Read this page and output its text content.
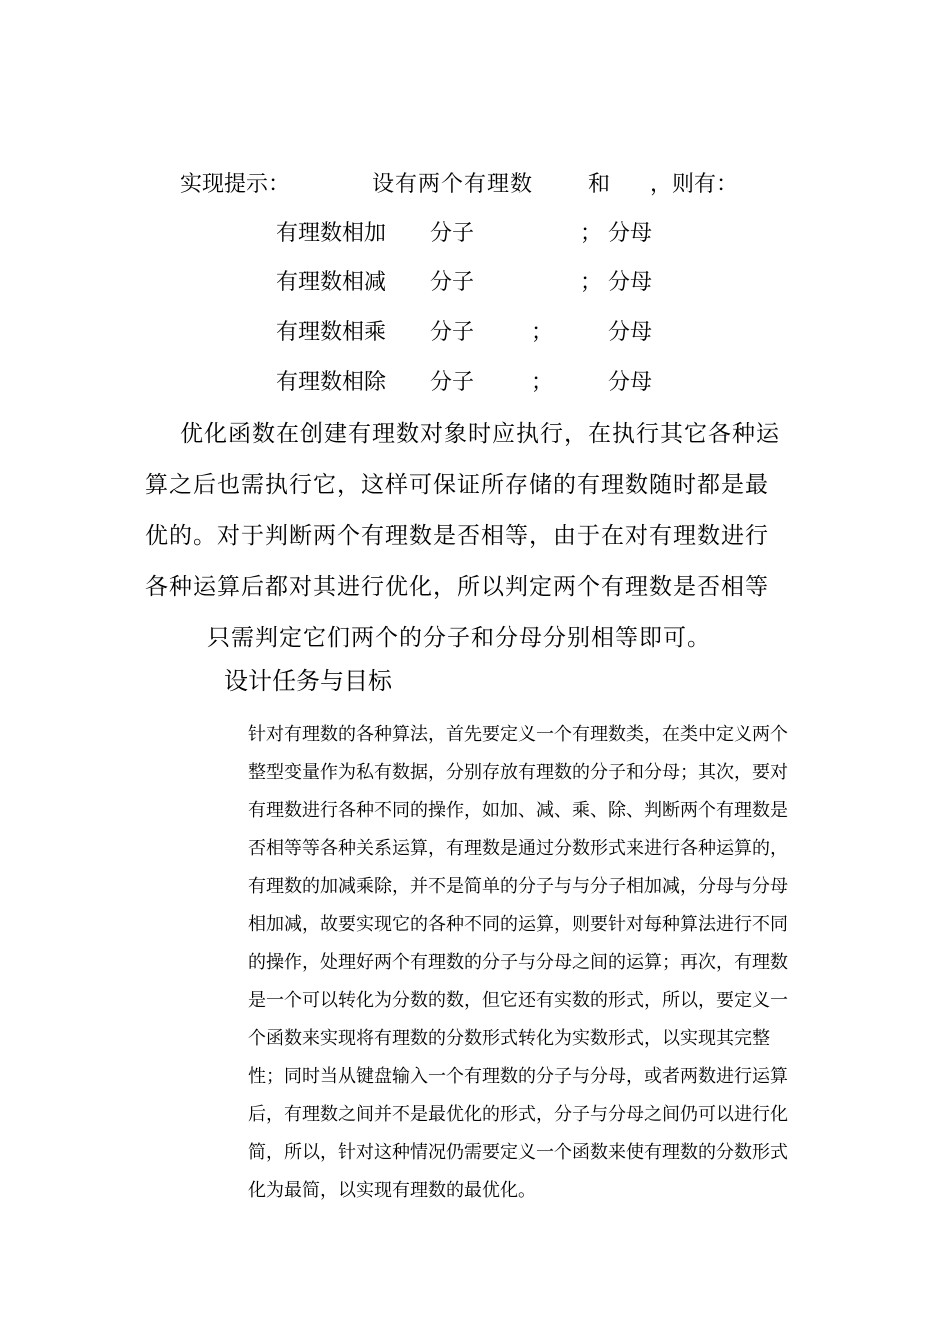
实现提示：	设有两个有理数 和 ，则有：
有理数相加 分子	； 分母
有理数相减 分子	； 分母
有理数相乘 分子	； 分母
有理数相除 分子	； 分母
优化函数在创建有理数对象时应执行，在执行其它各种运
算之后也需执行它，这样可保证所存储的有理数随时都是最
优的。对于判断两个有理数是否相等，由于在对有理数进行
各种运算后都对其进行优化，所以判定两个有理数是否相等
只需判定它们两个的分子和分母分别相等即可。
设计任务与目标
针对有理数的各种算法，首先要定义一个有理数类，在类中定义两个
整型变量作为私有数据，分别存放有理数的分子和分母；其次，要对
有理数进行各种不同的操作，如加、减、乘、除、判断两个有理数是
否相等等各种关系运算，有理数是通过分数形式来进行各种运算的，
有理数的加减乘除，并不是简单的分子与与分子相加减，分母与分母
相加减，故要实现它的各种不同的运算，则要针对每种算法进行不同
的操作，处理好两个有理数的分子与分母之间的运算；再次，有理数
是一个可以转化为分数的数，但它还有实数的形式，所以，要定义一
个函数来实现将有理数的分数形式转化为实数形式，以实现其完整
性；同时当从键盘输入一个有理数的分子与分母，或者两数进行运算
后，有理数之间并不是最优化的形式，分子与分母之间仍可以进行化
简，所以，针对这种情况仍需要定义一个函数来使有理数的分数形式
化为最简，以实现有理数的最优化。
